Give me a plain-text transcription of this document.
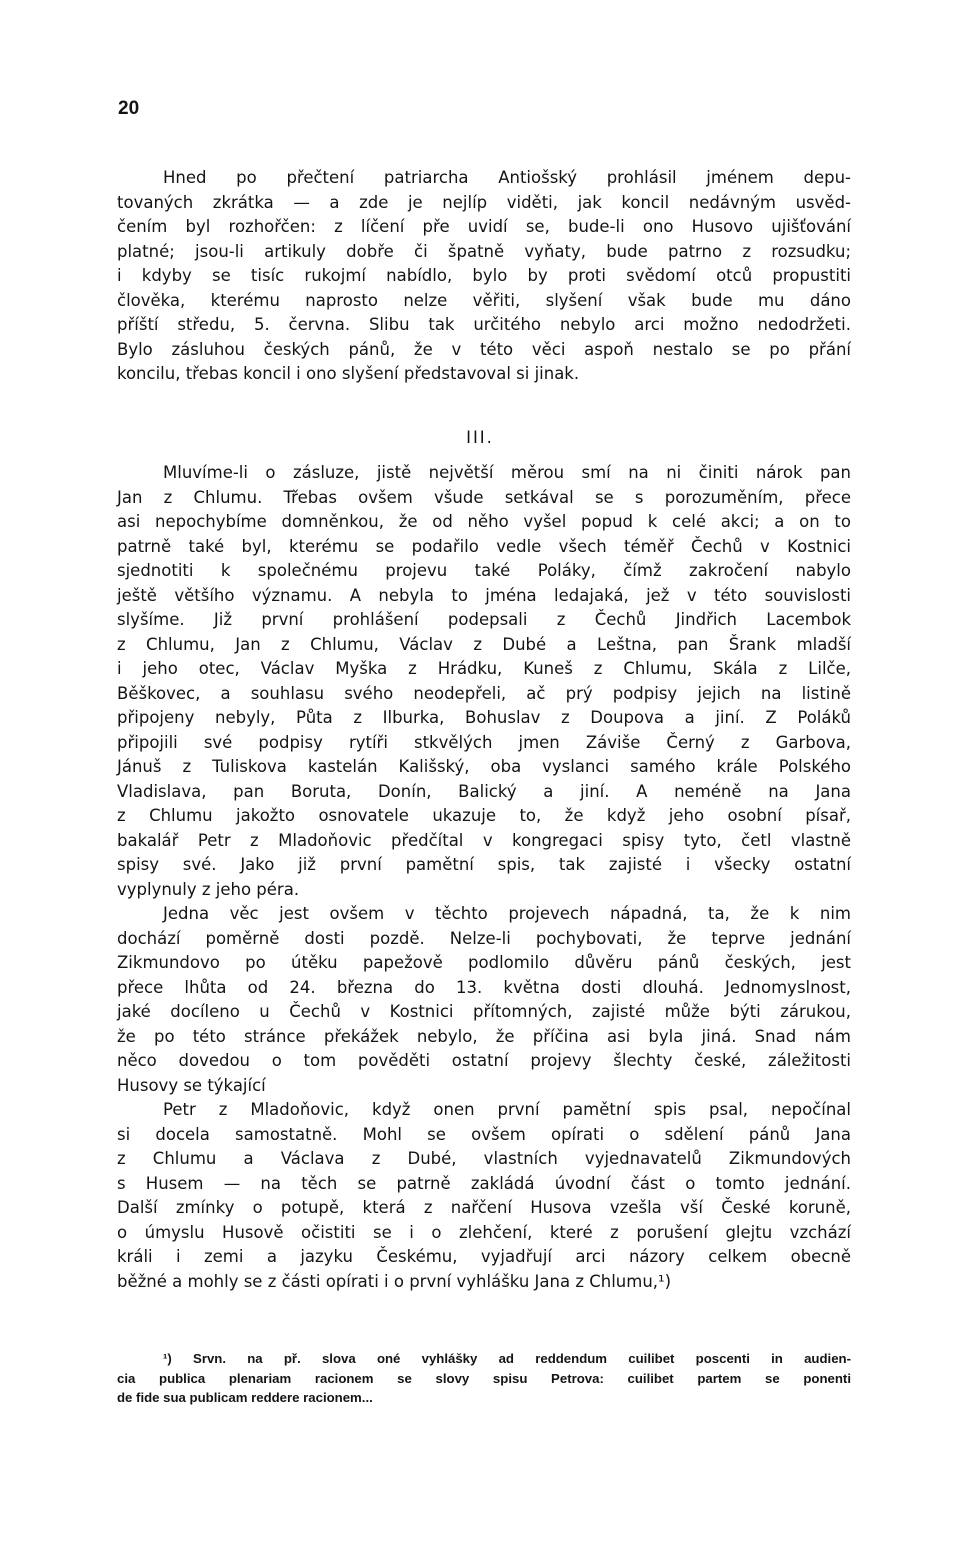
20
Hned po přečtení patriarcha Antiošský prohlásil jménem depu-
tovaných zkrátka — a zde je nejlíp viděti, jak koncil nedávným usvěd-
čením byl rozhořčen: z líčení pře uvidí se, bude-li ono Husovo ujišťování
platné; jsou-li artikuly dobře či špatně vyňaty, bude patrno z rozsudku;
i kdyby se tisíc rukojmí nabídlo, bylo by proti svědomí otců propustiti
člověka, kterému naprosto nelze věřiti, slyšení však bude mu dáno
příští středu, 5. června. Slibu tak určitého nebylo arci možno nedodržeti.
Bylo zásluhou českých pánů, že v této věci aspoň nestalo se po přání
koncilu, třebas koncil i ono slyšení představoval si jinak.
III.
Mluvíme-li o zásluze, jistě největší měrou smí na ni činiti nárok pan
Jan z Chlumu. Třebas ovšem všude setkával se s porozuměním, přece
asi nepochybíme domněnkou, že od něho vyšel popud k celé akci; a on to
patrně také byl, kterému se podařilo vedle všech téměř Čechů v Kostnici
sjednotiti k společnému projevu také Poláky, čímž zakročení nabylo
ještě většího významu. A nebyla to jména ledajaká, jež v této souvislosti
slyšíme. Již první prohlášení podepsali z Čechů Jindřich Lacembok
z Chlumu, Jan z Chlumu, Václav z Dubé a Leštna, pan Šrank mladší
i jeho otec, Václav Myška z Hrádku, Kuneš z Chlumu, Skála z Lilče,
Běškovec, a souhlasu svého neodepřeli, ač prý podpisy jejich na listině
připojeny nebyly, Půta z Ilburka, Bohuslav z Doupova a jiní. Z Poláků
připojili své podpisy rytíři stkvělých jmen Záviše Černý z Garbova,
Jánuš z Tuliskova kastelán Kališský, oba vyslanci samého krále Polského
Vladislava, pan Boruta, Donín, Balický a jiní. A neméně na Jana
z Chlumu jakožto osnovatele ukazuje to, že když jeho osobní písař,
bakalář Petr z Mladoňovic předčítal v kongregaci spisy tyto, četl vlastně
spisy své. Jako již první pamětní spis, tak zajisté i všecky ostatní
vyplynuly z jeho péra.
Jedna věc jest ovšem v těchto projevech nápadná, ta, že k nim
dochází poměrně dosti pozdě. Nelze-li pochybovati, že teprve jednání
Zikmundovo po útěku papežově podlomilo důvěru pánů českých, jest
přece lhůta od 24. března do 13. května dosti dlouhá. Jednomyslnost,
jaké docíleno u Čechů v Kostnici přítomných, zajisté může býti zárukou,
že po této stránce překážek nebylo, že příčina asi byla jiná. Snad nám
něco dovedou o tom pověděti ostatní projevy šlechty české, záležitosti
Husovy se týkající
Petr z Mladoňovic, když onen první pamětní spis psal, nepočínal
si docela samostatně. Mohl se ovšem opírati o sdělení pánů Jana
z Chlumu a Václava z Dubé, vlastních vyjednavatelů Zikmundových
s Husem — na těch se patrně zakládá úvodní část o tomto jednání.
Další zmínky o potupě, která z nařčení Husova vzešla vší České koruně,
o úmyslu Husově očistiti se i o zlehčení, které z porušení glejtu vzchází
králi i zemi a jazyku Českému, vyjadřují arci názory celkem obecně
běžné a mohly se z části opírati i o první vyhlášku Jana z Chlumu,¹)
¹) Srvn. na př. slova oné vyhlášky ad reddendum cuilibet poscenti in audien-
cia publica plenariam racionem se slovy spisu Petrova: cuilibet partem se ponenti
de fide sua publicam reddere racionem...
